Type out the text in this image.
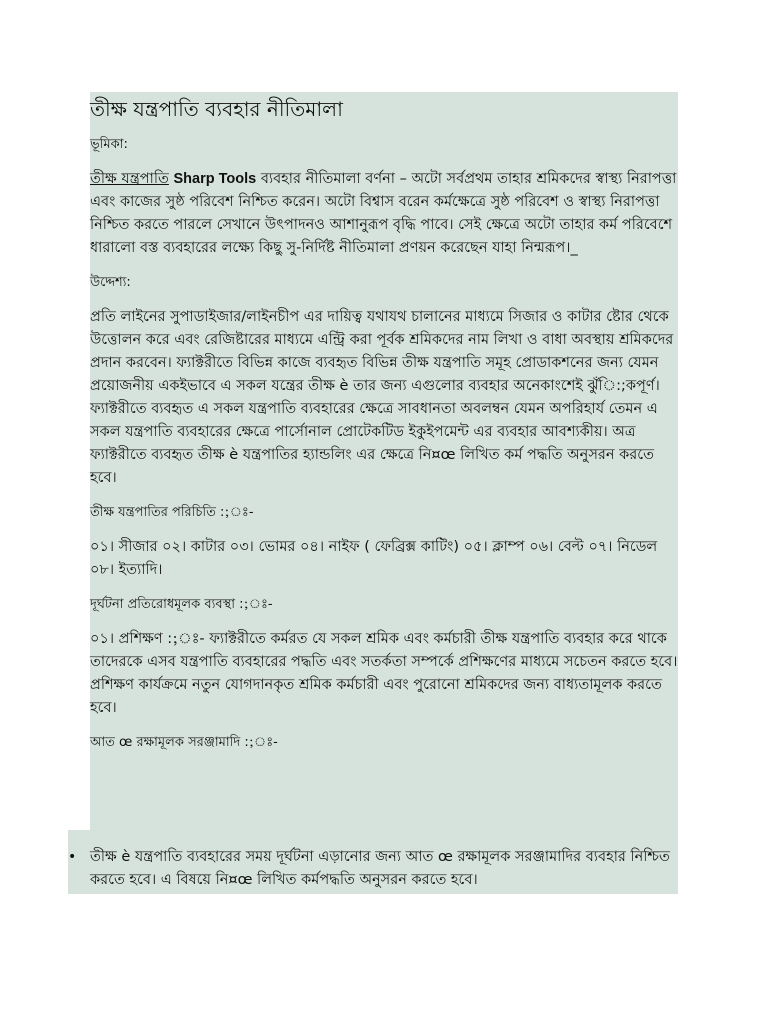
তীক্ষ যন্ত্রপাতি ব্যবহার নীতিমালা
ভূমিকা:
তীক্ষ যন্ত্রপাতি Sharp Tools ব্যবহার নীতিমালা বর্ণনা – অটো সর্বপ্রথম তাহার শ্রমিকদের স্বাস্থ্য নিরাপত্তা এবং কাজের সুষ্ঠ পরিবেশ নিশ্চিত করেন। অটো বিশ্বাস বরেন কর্মক্ষেত্রে সুষ্ঠ পরিবেশ ও স্বাস্থ্য নিরাপত্তা নিশ্চিত করতে পারলে সেখানে উৎপাদনও আশানুরূপ বৃদ্ধি পাবে। সেই ক্ষেত্রে অটো তাহার কর্ম পরিবেশে ধারালো বস্ত ব্যবহারের লক্ষ্যে কিছু সু-নির্দিষ্ট নীতিমালা প্রণয়ন করেছেন যাহা নিন্মরূপ।_
উদ্দেশ্য:
প্রতি লাইনের সুপাডাইজার/লাইনচীপ এর দায়িত্ব যথাযথ চালানের মাধ্যমে সিজার ও কাটার ষ্টোর থেকে উত্তোলন করে এবং রেজিষ্টারের মাধ্যমে এন্ট্রি করা পূর্বক শ্রমিকদের নাম লিখা ও বাধা অবস্থায় শ্রমিকদের প্রদান করবেন। ফ্যাক্টরীতে বিভিন্ন কাজে ব্যবহৃত বিভিন্ন তীক্ষ যন্ত্রপাতি সমূহ প্রোডাকশনের জন্য যেমন প্রয়োজনীয় একইভাবে এ সকল যন্ত্রের তীক্ষ è তার জন্য এগুলোর ব্যবহার অনেকাংশেই ঝুঁি:;কপূর্ণ। ফ্যাক্টরীতে ব্যবহৃত এ সকল যন্ত্রপাতি ব্যবহারের ক্ষেত্রে সাবধানতা অবলম্বন যেমন অপরিহার্য তেমন এ সকল যন্ত্রপাতি ব্যবহারের ক্ষেত্রে পার্সোনাল প্রোটেকটিড ইকুইপমেন্ট এর ব্যবহার আবশ্যকীয়। অত্র ফ্যাক্টরীতে ব্যবহৃত তীক্ষ è যন্ত্রপাতির হ্যান্ডলিং এর ক্ষেত্রে নি¤œ লিখিত কর্ম পদ্ধতি অনুসরন করতে হবে।
তীক্ষ যন্ত্রপাতির পরিচিতি :;ঃ-
০১। সীজার ০২। কাটার ০৩। ভোমর ০৪। নাইফ ( ফেব্রিক্স কাটিং) ০৫। ক্লাম্প ০৬। বেল্ট ০৭। নিডেল ০৮। ইত্যাদি।
দূর্ঘটনা প্রতিরোধমূলক ব্যবস্থা :;ঃ-
০১। প্রশিক্ষণ :;ঃ- ফ্যাক্টরীতে কর্মরত যে সকল শ্রমিক এবং কর্মচারী তীক্ষ যন্ত্রপাতি ব্যবহার করে থাকে তাদেরকে এসব যন্ত্রপাতি ব্যবহারের পদ্ধতি এবং সতর্কতা সম্পর্কে প্রশিক্ষণের মাধ্যমে সচেতন করতে হবে। প্রশিক্ষণ কার্যক্রমে নতুন যোগদানকৃত শ্রমিক কর্মচারী এবং পুরোনো শ্রমিকদের জন্য বাধ্যতামূলক করতে হবে।
আত œ রক্ষামূলক সরঞ্জামাদি :;ঃ-
• তীক্ষ è যন্ত্রপাতি ব্যবহারের সময় দূর্ঘটনা এড়ানোর জন্য আত œ রক্ষামূলক সরঞ্জামাদির ব্যবহার নিশ্চিত করতে হবে। এ বিষয়ে নি¤œ লিখিত কর্মপদ্ধতি অনুসরন করতে হবে।
